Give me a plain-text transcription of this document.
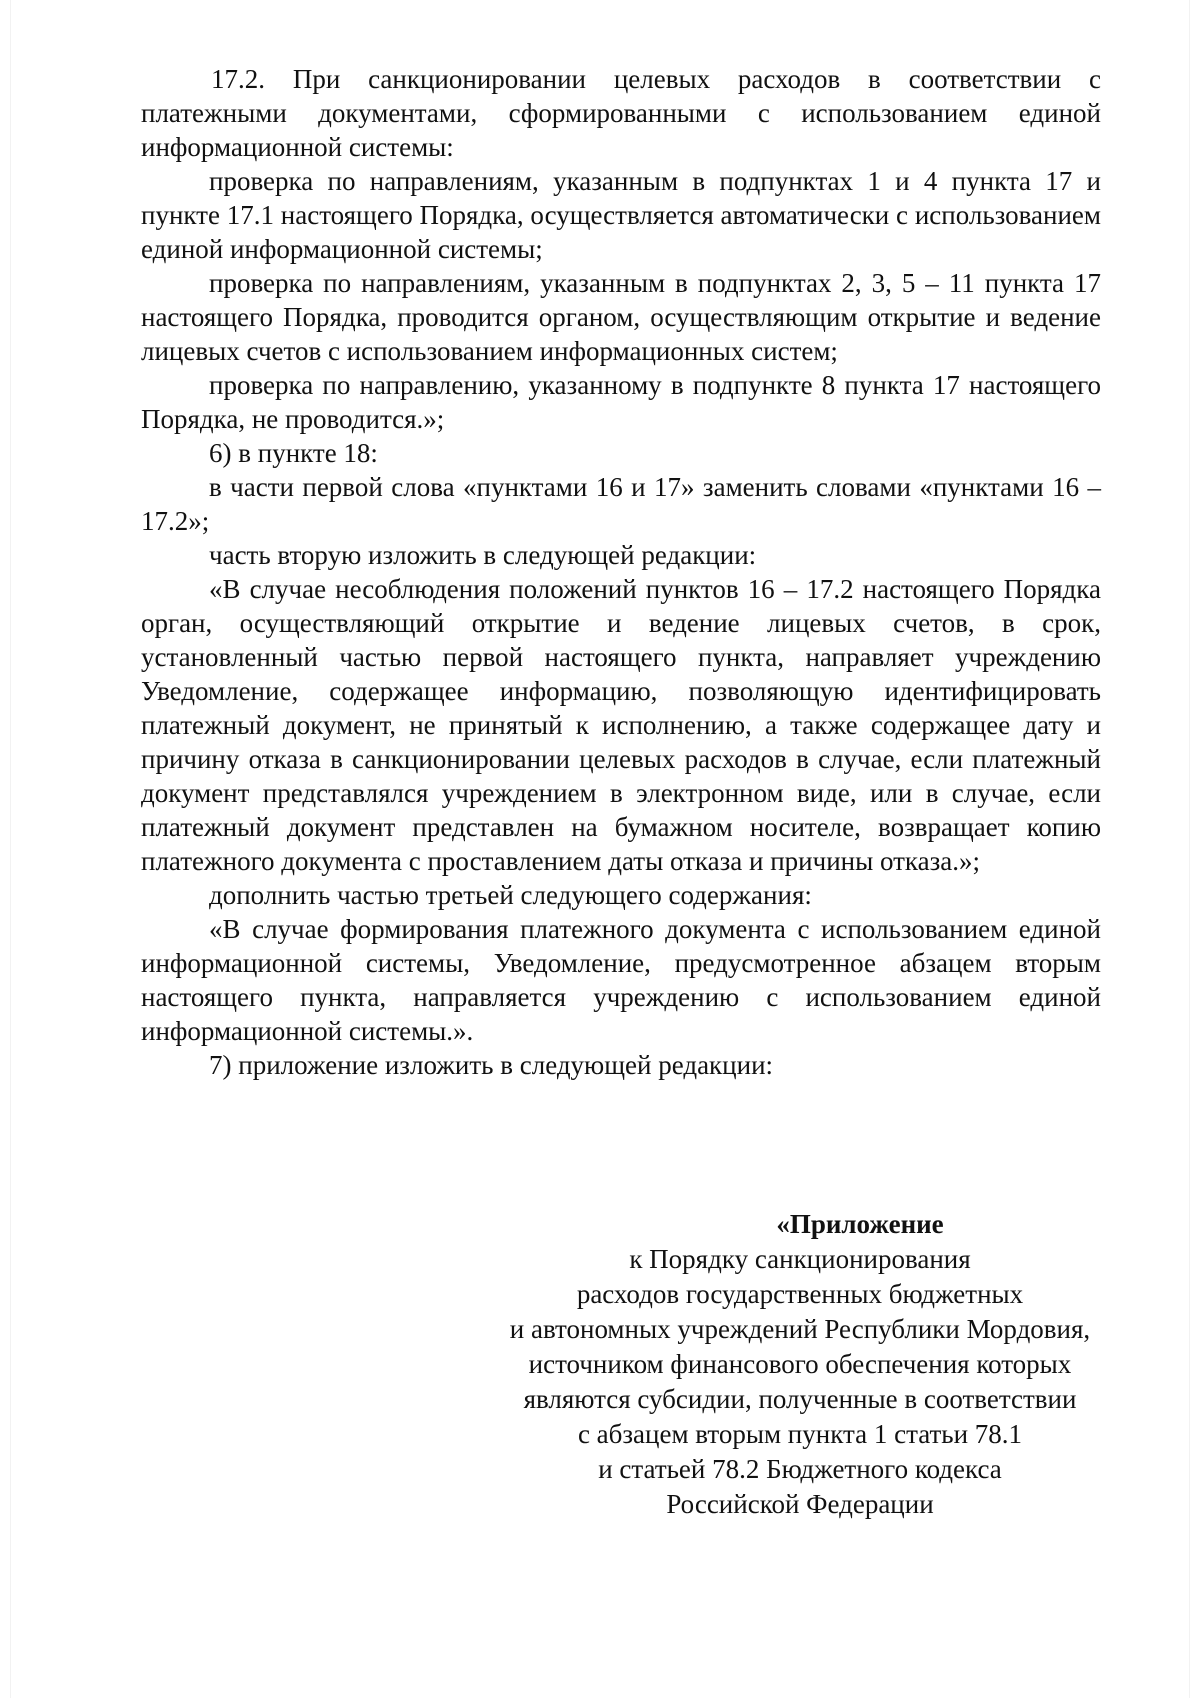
17.2. При санкционировании целевых расходов в соответствии с платежными документами, сформированными с использованием единой информационной системы:

проверка по направлениям, указанным в подпунктах 1 и 4 пункта 17 и пункте 17.1 настоящего Порядка, осуществляется автоматически с использованием единой информационной системы;

проверка по направлениям, указанным в подпунктах 2, 3, 5 – 11 пункта 17 настоящего Порядка, проводится органом, осуществляющим открытие и ведение лицевых счетов с использованием информационных систем;

проверка по направлению, указанному в подпункте 8 пункта 17 настоящего Порядка, не проводится.»;

6) в пункте 18:

в части первой слова «пунктами 16 и 17» заменить словами «пунктами 16 – 17.2»;

часть вторую изложить в следующей редакции:

«В случае несоблюдения положений пунктов 16 – 17.2 настоящего Порядка орган, осуществляющий открытие и ведение лицевых счетов, в срок, установленный частью первой настоящего пункта, направляет учреждению Уведомление, содержащее информацию, позволяющую идентифицировать платежный документ, не принятый к исполнению, а также содержащее дату и причину отказа в санкционировании целевых расходов в случае, если платежный документ представлялся учреждением в электронном виде, или в случае, если платежный документ представлен на бумажном носителе, возвращает копию платежного документа с проставлением даты отказа и причины отказа.»;

дополнить частью третьей следующего содержания:

«В случае формирования платежного документа с использованием единой информационной системы, Уведомление, предусмотренное абзацем вторым настоящего пункта, направляется учреждению с использованием единой информационной системы.».

7) приложение изложить в следующей редакции:

«Приложение
к Порядку санкционирования
расходов государственных бюджетных
и автономных учреждений Республики Мордовия,
источником финансового обеспечения которых
являются субсидии, полученные в соответствии
с абзацем вторым пункта 1 статьи 78.1
и статьей 78.2 Бюджетного кодекса
Российской Федерации
